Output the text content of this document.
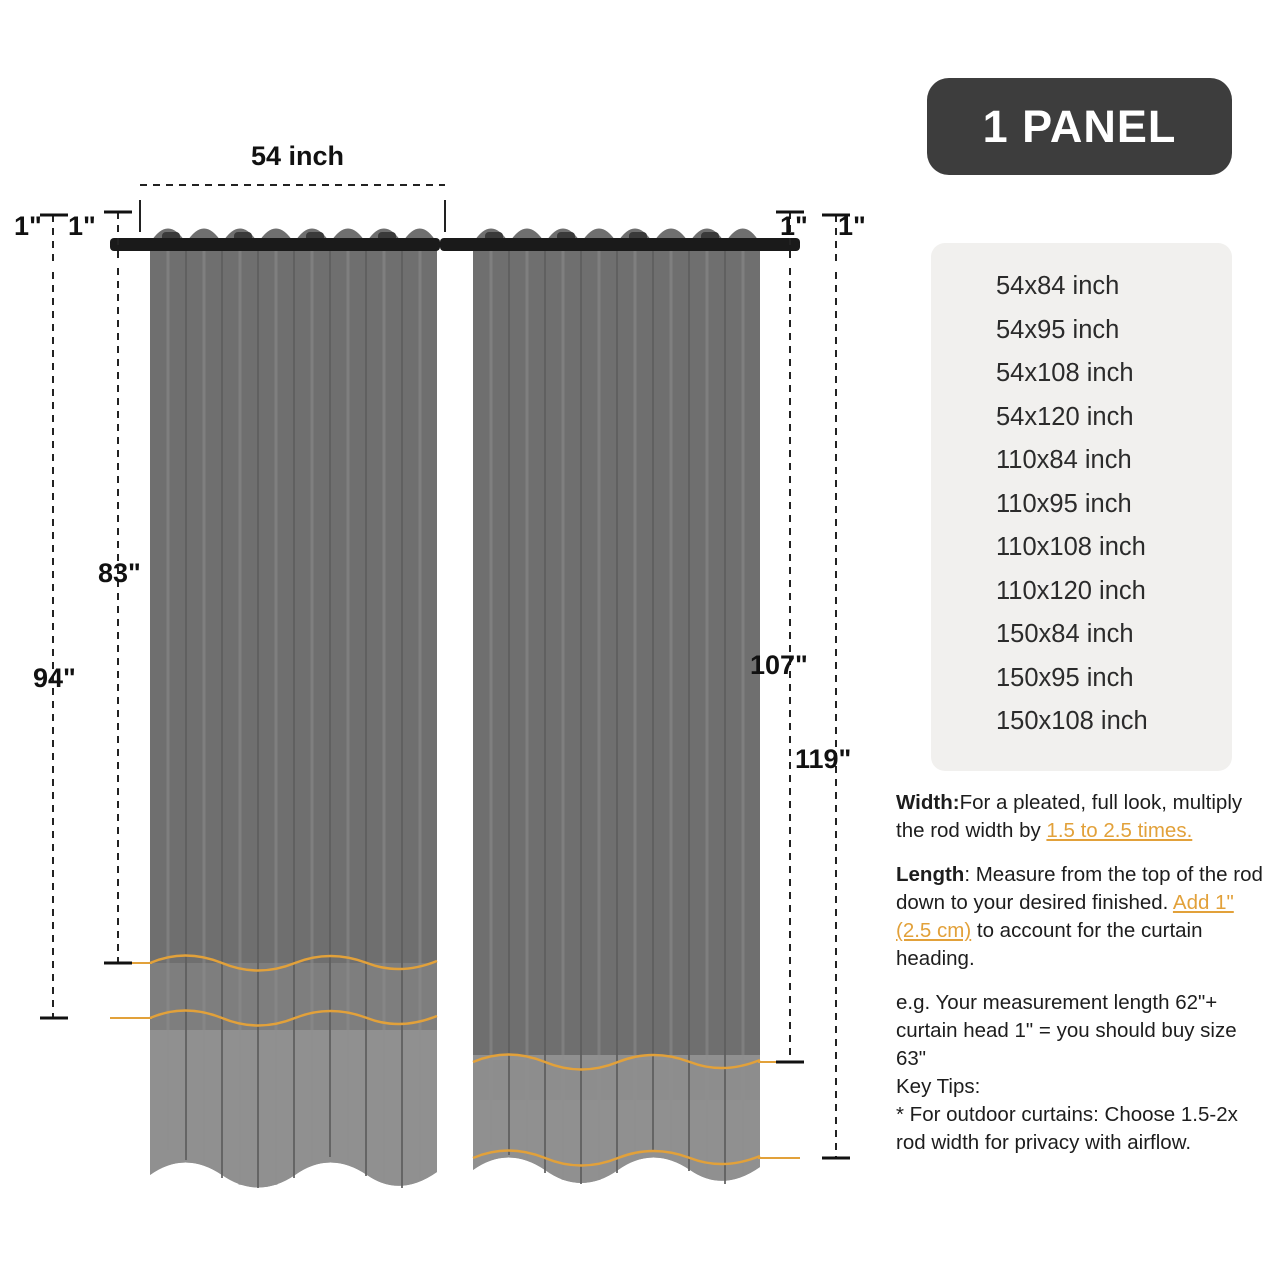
54 inch
1" 1"	1" 1"
83"
94"	107"
119"
1 PANEL
54x84 inch
54x95 inch
54x108 inch
54x120 inch
110x84 inch
110x95 inch
110x108 inch
110x120 inch
150x84 inch
150x95 inch
150x108 inch

Width:For a pleated, full look, multiply the rod width by 1.5 to 2.5 times.

Length: Measure from the top of the rod down to your desired finished. Add 1" (2.5 cm) to account for the curtain heading.

e.g. Your measurement length 62"+ curtain head 1" = you should buy size 63"

Key Tips:

* For outdoor curtains: Choose 1.5-2x rod width for privacy with airflow.
